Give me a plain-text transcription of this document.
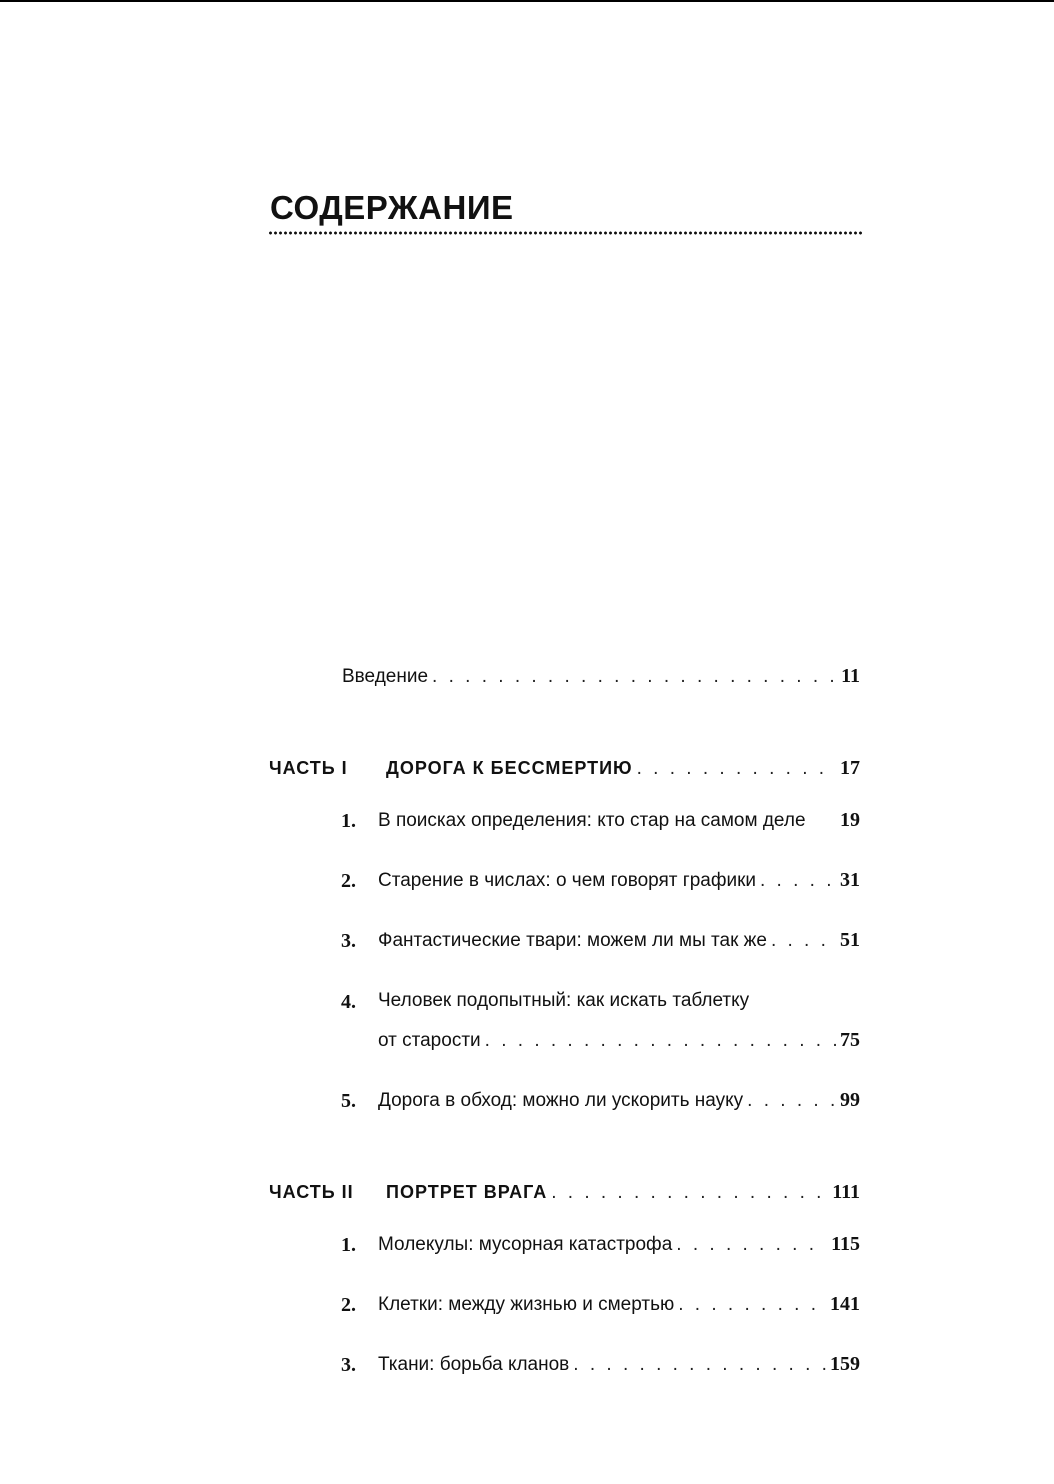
СОДЕРЖАНИЕ
Введение . . .	11
ЧАСТЬ I ДОРОГА К БЕССМЕРТИЮ . . .	17
1. В поисках определения: кто стар на самом деле 19
2. Старение в числах: о чем говорят графики . . .	31
3. Фантастические твари: можем ли мы так же . . .	51
4. Человек подопытный: как искать таблетку
от старости . . .	75
5. Дорога в обход: можно ли ускорить науку . . .	99
ЧАСТЬ II ПОРТРЕТ ВРАГА . . .	111
1. Молекулы: мусорная катастрофа . . .	115
2. Клетки: между жизнью и смертью . . .	141
3. Ткани: борьба кланов . . .	159
